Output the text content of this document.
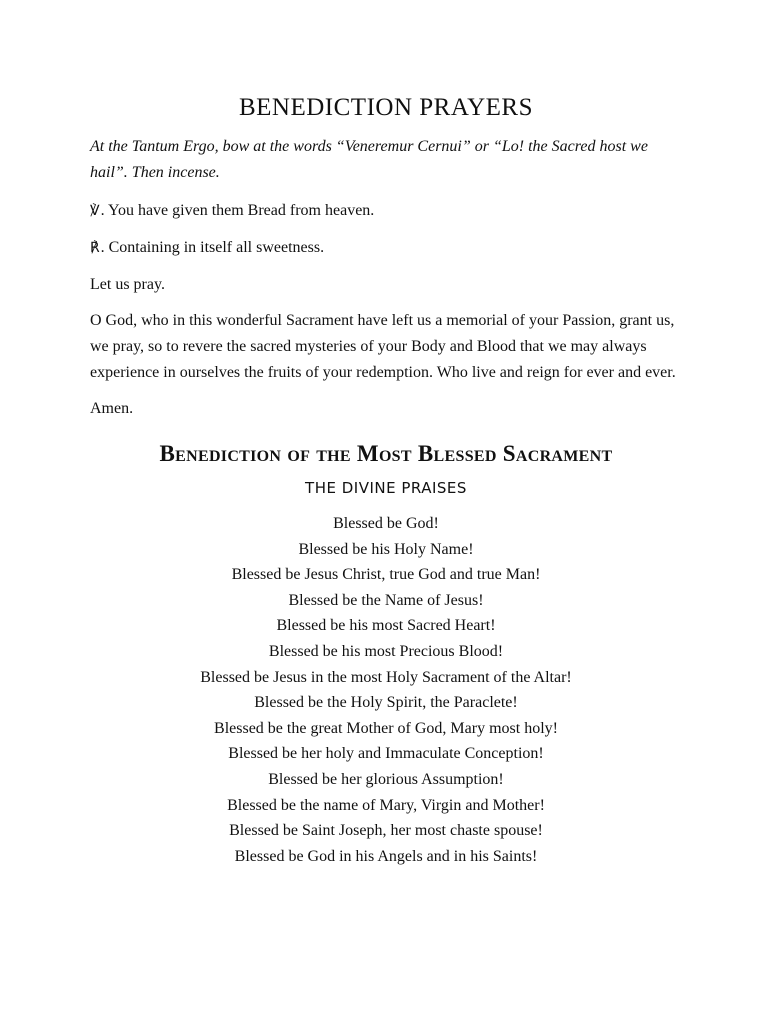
BENEDICTION PRAYERS

At the Tantum Ergo, bow at the words “Veneremur Cernui” or “Lo! the Sacred host we hail”. Then incense.

℣. You have given them Bread from heaven.

℟. Containing in itself all sweetness.

Let us pray.

O God, who in this wonderful Sacrament have left us a memorial of your Passion, grant us, we pray, so to revere the sacred mysteries of your Body and Blood that we may always experience in ourselves the fruits of your redemption. Who live and reign for ever and ever.

Amen.

Benediction of the Most Blessed Sacrament
THE DIVINE PRAISES
Blessed be God!
Blessed be his Holy Name!
Blessed be Jesus Christ, true God and true Man!
Blessed be the Name of Jesus!
Blessed be his most Sacred Heart!
Blessed be his most Precious Blood!
Blessed be Jesus in the most Holy Sacrament of the Altar!
Blessed be the Holy Spirit, the Paraclete!
Blessed be the great Mother of God, Mary most holy!
Blessed be her holy and Immaculate Conception!
Blessed be her glorious Assumption!
Blessed be the name of Mary, Virgin and Mother!
Blessed be Saint Joseph, her most chaste spouse!
Blessed be God in his Angels and in his Saints!
